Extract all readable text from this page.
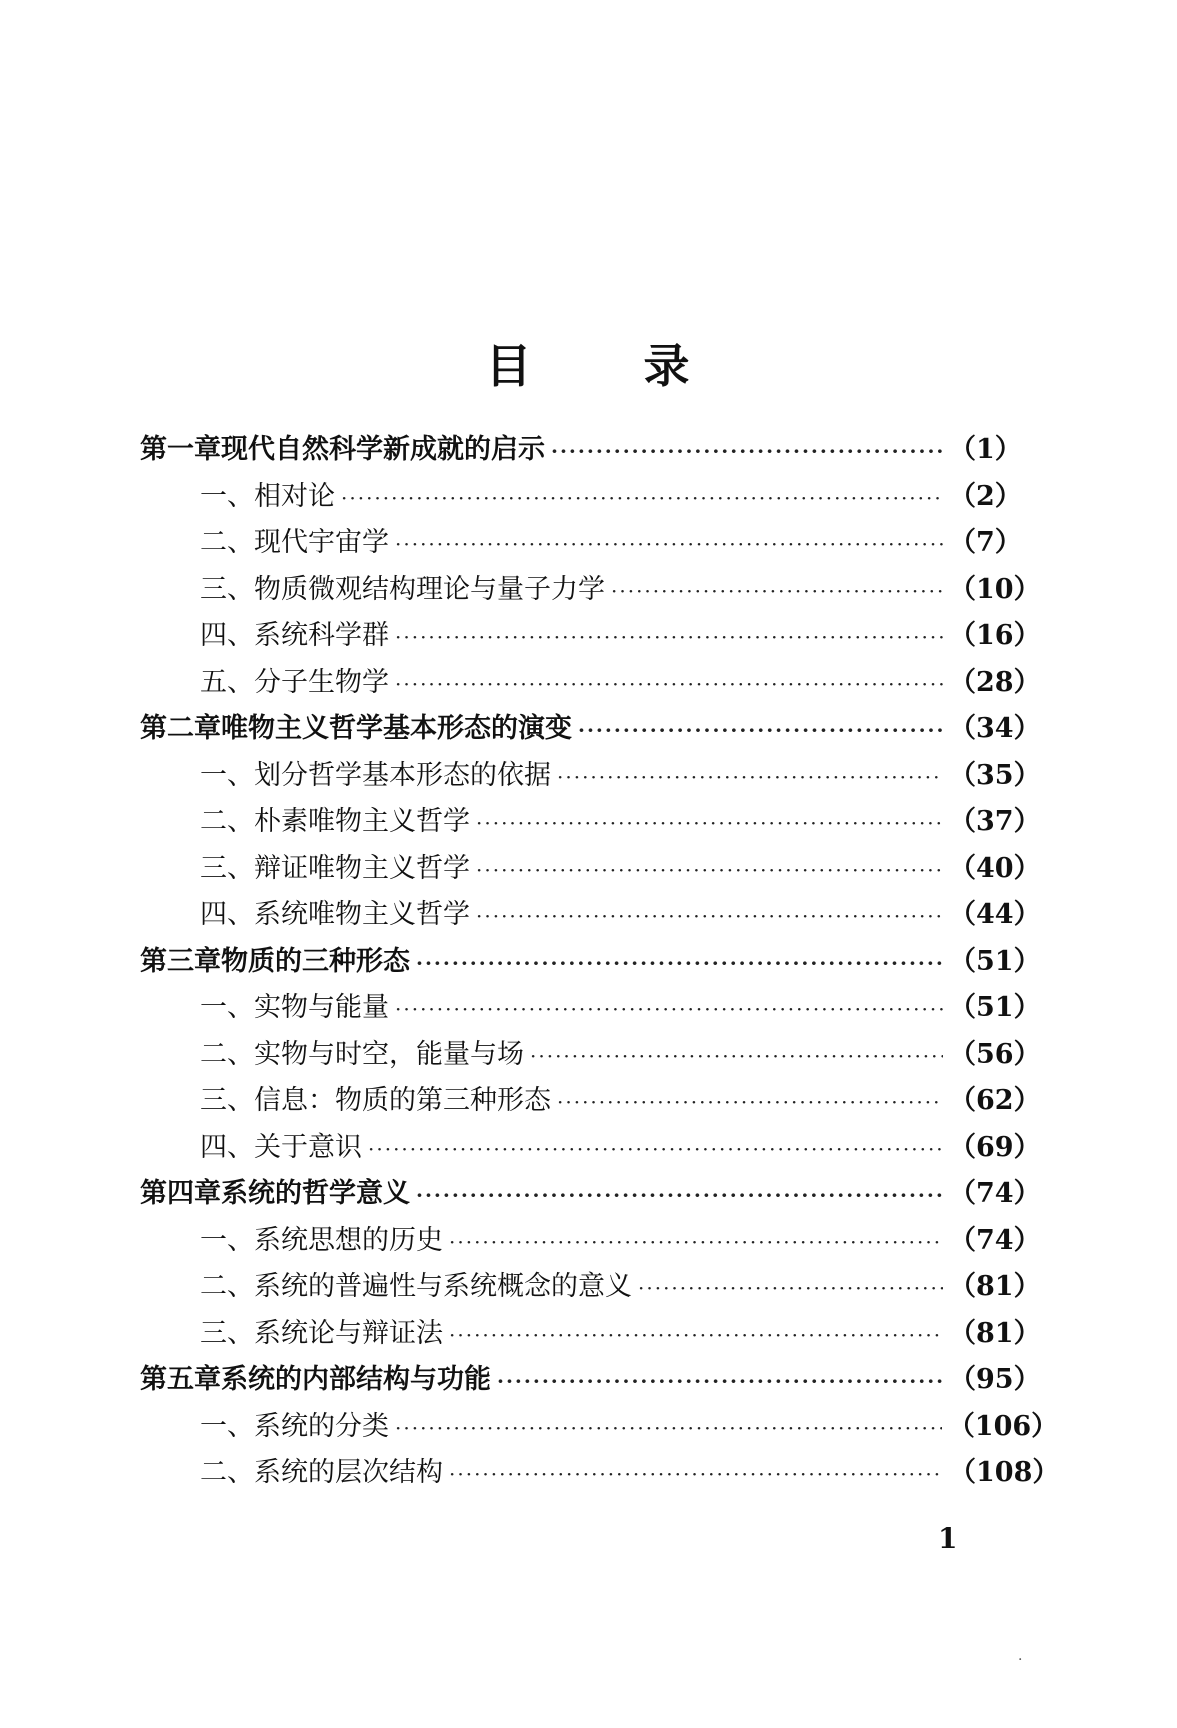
目 录
第一章 现代自然科学新成就的启示 ·····	（1）
一、 相对论 ·····	（2）
二、 现代宇宙学 ·····	（7）
三、 物质微观结构理论与量子力学 ·····	（10）
四、 系统科学群 ·····	（16）
五、 分子生物学 ·····	（28）
第二章 唯物主义哲学基本形态的演变 ·····	（34）
一、 划分哲学基本形态的依据 ·····	（35）
二、 朴素唯物主义哲学 ·····	（37）
三、 辩证唯物主义哲学 ·····	（40）
四、 系统唯物主义哲学 ·····	（44）
第三章 物质的三种形态 ·····	（51）
一、 实物与能量 ·····	（51）
二、 实物与时空，能量与场 ·····	（56）
三、 信息：物质的第三种形态 ·····	（62）
四、 关于意识 ·····	（69）
第四章 系统的哲学意义 ·····	（74）
一、 系统思想的历史 ·····	（74）
二、 系统的普遍性与系统概念的意义 ·····	（81）
三、 系统论与辩证法 ·····	（81）
第五章 系统的内部结构与功能 ·····	（95）
一、 系统的分类 ·····	（106）
二、 系统的层次结构 ·····	（108）
1
·
